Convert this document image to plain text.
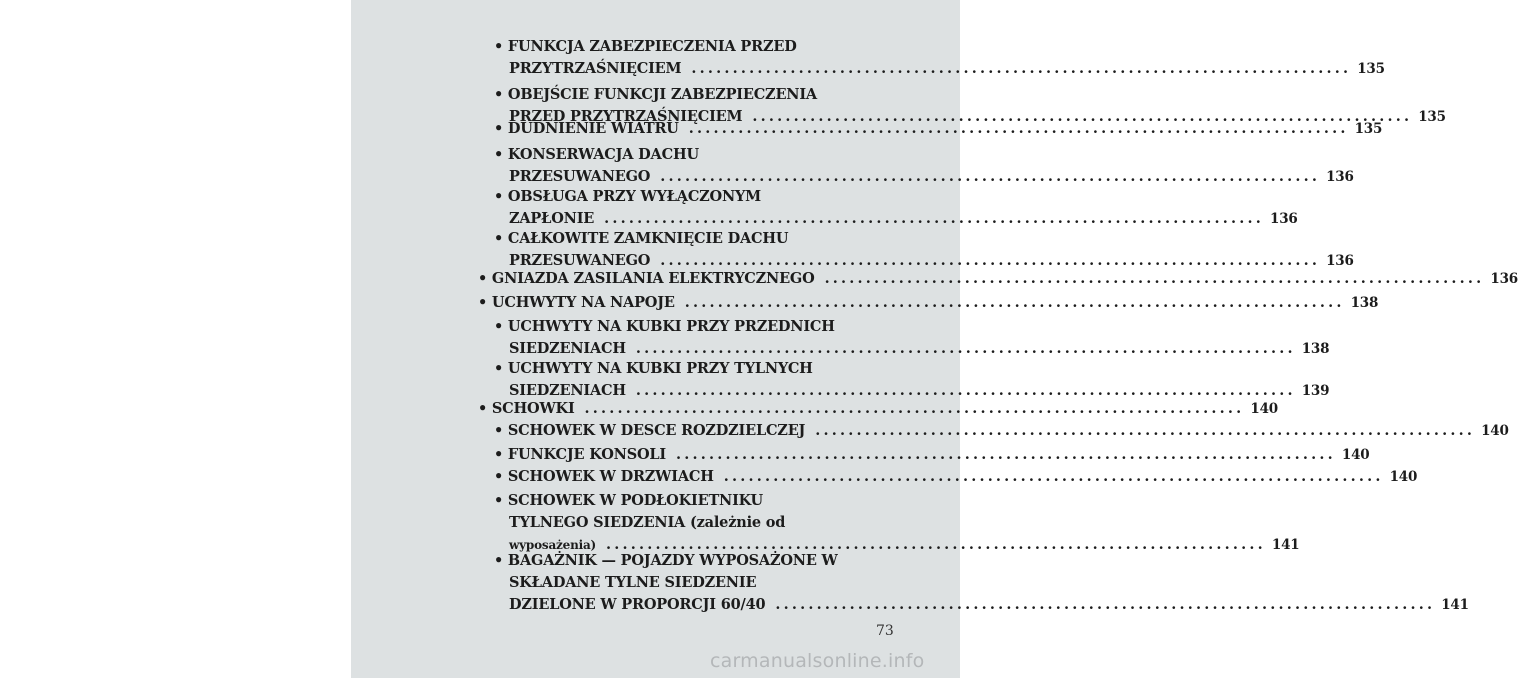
• FUNKCJA ZABEZPIECZENIA PRZED
PRZYTRZAŚNIĘCIEM ................................................................................ 135
• OBEJŚCIE FUNKCJI ZABEZPIECZENIA
PRZED PRZYTRZAŚNIĘCIEM ................................................................................ 135
• DUDNIENIE WIATRU ................................................................................ 135
• KONSERWACJA DACHU
PRZESUWANEGO ................................................................................ 136
• OBSŁUGA PRZY WYŁĄCZONYM
ZAPŁONIE ................................................................................ 136
• CAŁKOWITE ZAMKNIĘCIE DACHU
PRZESUWANEGO ................................................................................ 136
• GNIAZDA ZASILANIA ELEKTRYCZNEGO ................................................................................ 136
• UCHWYTY NA NAPOJE ................................................................................ 138
• UCHWYTY NA KUBKI PRZY PRZEDNICH
SIEDZENIACH ................................................................................ 138
• UCHWYTY NA KUBKI PRZY TYLNYCH
SIEDZENIACH ................................................................................ 139
• SCHOWKI ................................................................................ 140
• SCHOWEK W DESCE ROZDZIELCZEJ ................................................................................ 140
• FUNKCJE KONSOLI ................................................................................ 140
• SCHOWEK W DRZWIACH ................................................................................ 140
• SCHOWEK W PODŁOKIETNIKU
TYLNEGO SIEDZENIA (zależnie od
wyposażenia) ................................................................................ 141
• BAGAŻNIK — POJAZDY WYPOSAŻONE W
SKŁADANE TYLNE SIEDZENIE
DZIELONE W PROPORCJI 60/40 ................................................................................ 141
73
carmanualsonline.info
